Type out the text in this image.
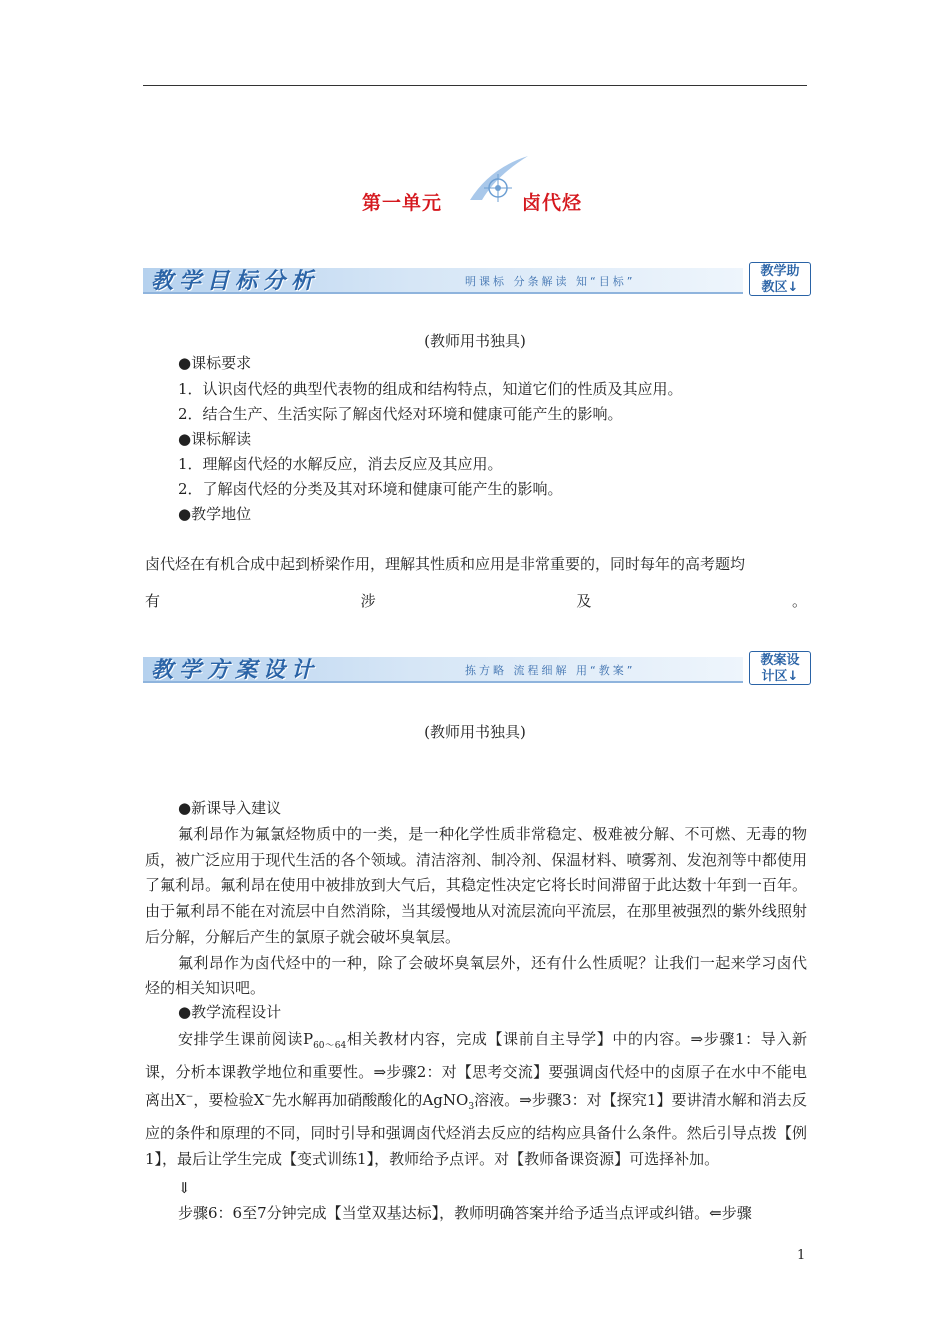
第一单元	卤代烃
教学目标分析	明课标 分条解读 知“目标”
教学助
教区↓
(教师用书独具)
●课标要求
1．认识卤代烃的典型代表物的组成和结构特点，知道它们的性质及其应用。
2．结合生产、生活实际了解卤代烃对环境和健康可能产生的影响。
●课标解读
1．理解卤代烃的水解反应，消去反应及其应用。
2．了解卤代烃的分类及其对环境和健康可能产生的影响。
●教学地位
卤代烃在有机合成中起到桥梁作用，理解其性质和应用是非常重要的，同时每年的高考题均
有	涉	及	。
教学方案设计	拣方略 流程细解 用“教案”
教案设
计区↓
(教师用书独具)
●新课导入建议

氟利昂作为氟氯烃物质中的一类，是一种化学性质非常稳定、极难被分解、不可燃、无毒的物质，被广泛应用于现代生活的各个领域。清洁溶剂、制冷剂、保温材料、喷雾剂、发泡剂等中都使用了氟利昂。氟利昂在使用中被排放到大气后，其稳定性决定它将长时间滞留于此达数十年到一百年。由于氟利昂不能在对流层中自然消除，当其缓慢地从对流层流向平流层，在那里被强烈的紫外线照射后分解，分解后产生的氯原子就会破坏臭氧层。

氟利昂作为卤代烃中的一种，除了会破坏臭氧层外，还有什么性质呢？让我们一起来学习卤代烃的相关知识吧。

●教学流程设计

安排学生课前阅读$P_{60\sim 64}$相关教材内容，完成【课前自主导学】中的内容。⇒步骤1：导入新课，分析本课教学地位和重要性。⇒步骤2：对【思考交流】要强调卤代烃中的卤原子在水中不能电离出X−，要检验X−先水解再加硝酸酸化的AgNO$_3$溶液。⇒步骤3：对【探究1】要讲清水解和消去反应的条件和原理的不同，同时引导和强调卤代烃消去反应的结构应具备什么条件。然后引导点拨【例1】，最后让学生完成【变式训练1】，教师给予点评。对【教师备课资源】可选择补加。

⇓
步骤6：6至7分钟完成【当堂双基达标】，教师明确答案并给予适当点评或纠错。⇐步骤
1
